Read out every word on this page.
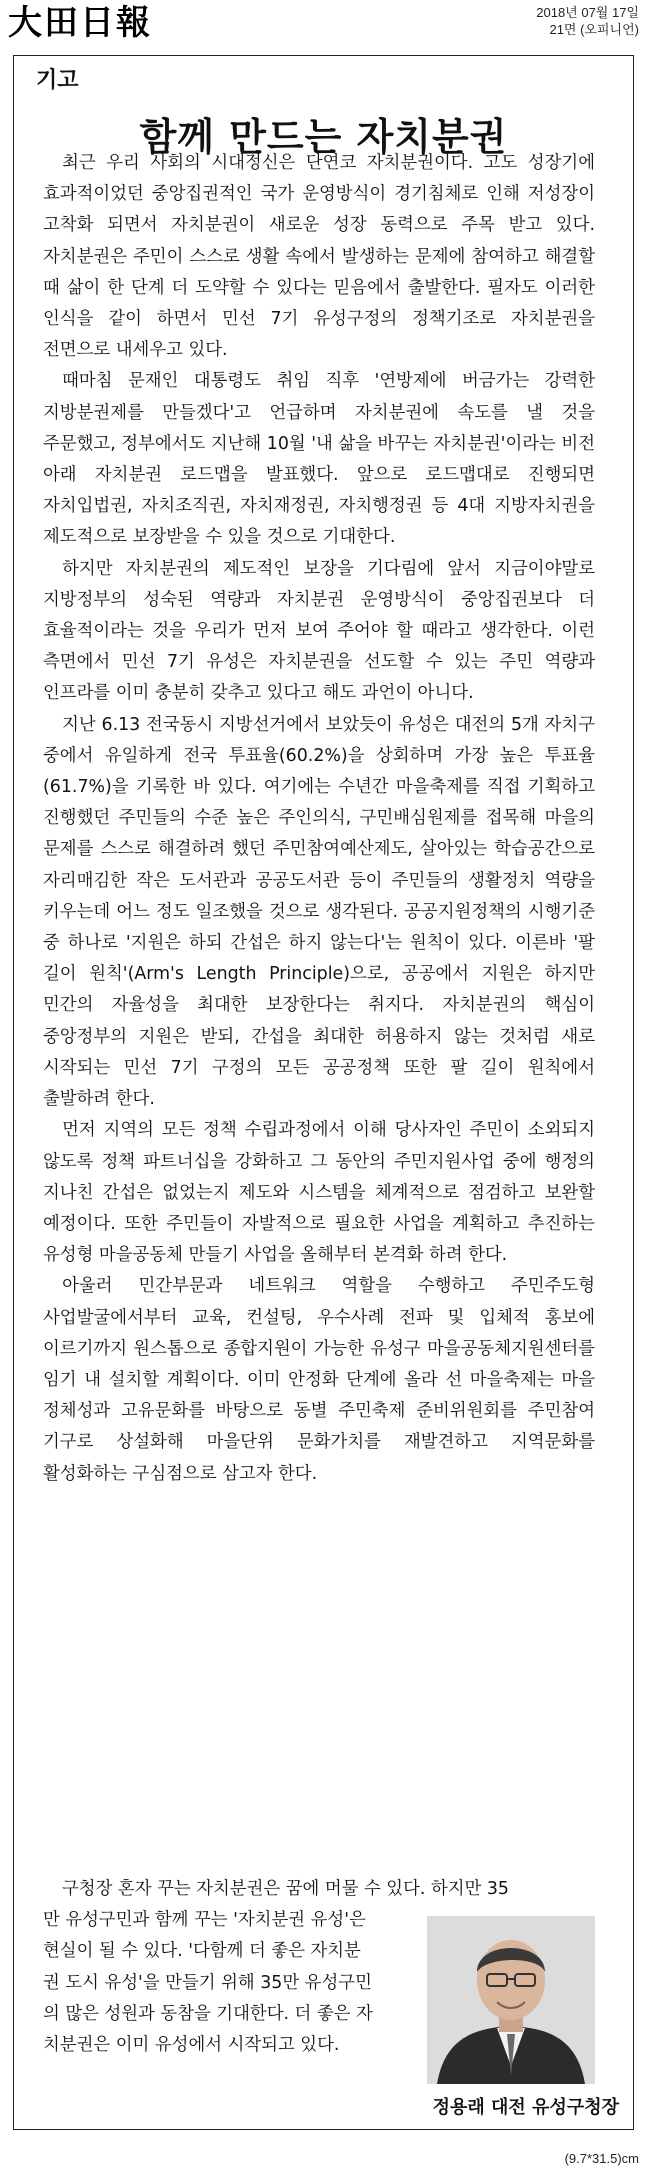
大田日報	2018년 07월 17일
21면 (오피니언)
기고
함께 만드는 자치분권

최근 우리 사회의 시대정신은 단연코 자치분권이다. 고도 성장기에 효과적이었던 중앙집권적인 국가 운영방식이 경기침체로 인해 저성장이 고착화 되면서 자치분권이 새로운 성장 동력으로 주목 받고 있다. 자치분권은 주민이 스스로 생활 속에서 발생하는 문제에 참여하고 해결할 때 삶이 한 단계 더 도약할 수 있다는 믿음에서 출발한다. 필자도 이러한 인식을 같이 하면서 민선 7기 유성구정의 정책기조로 자치분권을 전면으로 내세우고 있다.

때마침 문재인 대통령도 취임 직후 '연방제에 버금가는 강력한 지방분권제를 만들겠다'고 언급하며 자치분권에 속도를 낼 것을 주문했고, 정부에서도 지난해 10월 '내 삶을 바꾸는 자치분권'이라는 비전 아래 자치분권 로드맵을 발표했다. 앞으로 로드맵대로 진행되면 자치입법권, 자치조직권, 자치재정권, 자치행정권 등 4대 지방자치권을 제도적으로 보장받을 수 있을 것으로 기대한다.

하지만 자치분권의 제도적인 보장을 기다림에 앞서 지금이야말로 지방정부의 성숙된 역량과 자치분권 운영방식이 중앙집권보다 더 효율적이라는 것을 우리가 먼저 보여 주어야 할 때라고 생각한다. 이런 측면에서 민선 7기 유성은 자치분권을 선도할 수 있는 주민 역량과 인프라를 이미 충분히 갖추고 있다고 해도 과언이 아니다.

지난 6.13 전국동시 지방선거에서 보았듯이 유성은 대전의 5개 자치구 중에서 유일하게 전국 투표율(60.2%)을 상회하며 가장 높은 투표율(61.7%)을 기록한 바 있다. 여기에는 수년간 마을축제를 직접 기획하고 진행했던 주민들의 수준 높은 주인의식, 구민배심원제를 접목해 마을의 문제를 스스로 해결하려 했던 주민참여예산제도, 살아있는 학습공간으로 자리매김한 작은 도서관과 공공도서관 등이 주민들의 생활정치 역량을 키우는데 어느 정도 일조했을 것으로 생각된다. 공공지원정책의 시행기준 중 하나로 '지원은 하되 간섭은 하지 않는다'는 원칙이 있다. 이른바 '팔 길이 원칙'(Arm's Length Principle)으로, 공공에서 지원은 하지만 민간의 자율성을 최대한 보장한다는 취지다. 자치분권의 핵심이 중앙정부의 지원은 받되, 간섭을 최대한 허용하지 않는 것처럼 새로 시작되는 민선 7기 구정의 모든 공공정책 또한 팔 길이 원칙에서 출발하려 한다.

먼저 지역의 모든 정책 수립과정에서 이해 당사자인 주민이 소외되지 않도록 정책 파트너십을 강화하고 그 동안의 주민지원사업 중에 행정의 지나친 간섭은 없었는지 제도와 시스템을 체계적으로 점검하고 보완할 예정이다. 또한 주민들이 자발적으로 필요한 사업을 계획하고 추진하는 유성형 마을공동체 만들기 사업을 올해부터 본격화 하려 한다.

아울러 민간부문과 네트워크 역할을 수행하고 주민주도형 사업발굴에서부터 교육, 컨설팅, 우수사례 전파 및 입체적 홍보에 이르기까지 원스톱으로 종합지원이 가능한 유성구 마을공동체지원센터를 임기 내 설치할 계획이다. 이미 안정화 단계에 올라 선 마을축제는 마을 정체성과 고유문화를 바탕으로 동별 주민축제 준비위원회를 주민참여 기구로 상설화해 마을단위 문화가치를 재발견하고 지역문화를 활성화하는 구심점으로 삼고자 한다.

구청장 혼자 꾸는 자치분권은 꿈에 머물 수 있다. 하지만 35
만 유성구민과 함께 꾸는 '자치분권 유성'은
현실이 될 수 있다. '다함께 더 좋은 자치분
권 도시 유성'을 만들기 위해 35만 유성구민
의 많은 성원과 동참을 기대한다. 더 좋은 자
치분권은 이미 유성에서 시작되고 있다.
정용래 대전 유성구청장
(9.7*31.5)cm
